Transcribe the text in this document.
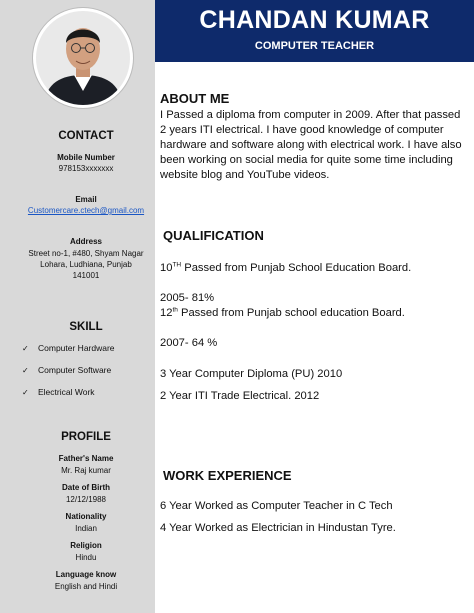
CHANDAN KUMAR
COMPUTER TEACHER
CONTACT
Mobile Number
978153xxxxxxx
Email
Customercare.ctech@gmail.com
Address
Street no-1, #480, Shyam Nagar
Lohara, Ludhiana, Punjab
141001
SKILL
✓ Computer Hardware
✓ Computer Software
✓ Electrical Work
PROFILE
Father's Name
Mr. Raj kumar
Date of Birth
12/12/1988
Nationality
Indian
Religion
Hindu
Language know
English and Hindi
ABOUT ME
I Passed a diploma from computer in 2009. After that passed
2 years ITI electrical. I have good knowledge of computer
hardware and software along with electrical work. I have also
been working on social media for quite some time including
website blog and YouTube videos.
QUALIFICATION
10TH Passed from Punjab School Education Board.
2005- 81%
12th Passed from Punjab school education Board.
2007- 64 %
3 Year Computer Diploma (PU) 2010
2 Year ITI Trade Electrical. 2012
WORK EXPERIENCE
6 Year Worked as Computer Teacher in C Tech
4 Year Worked as Electrician in Hindustan Tyre.
